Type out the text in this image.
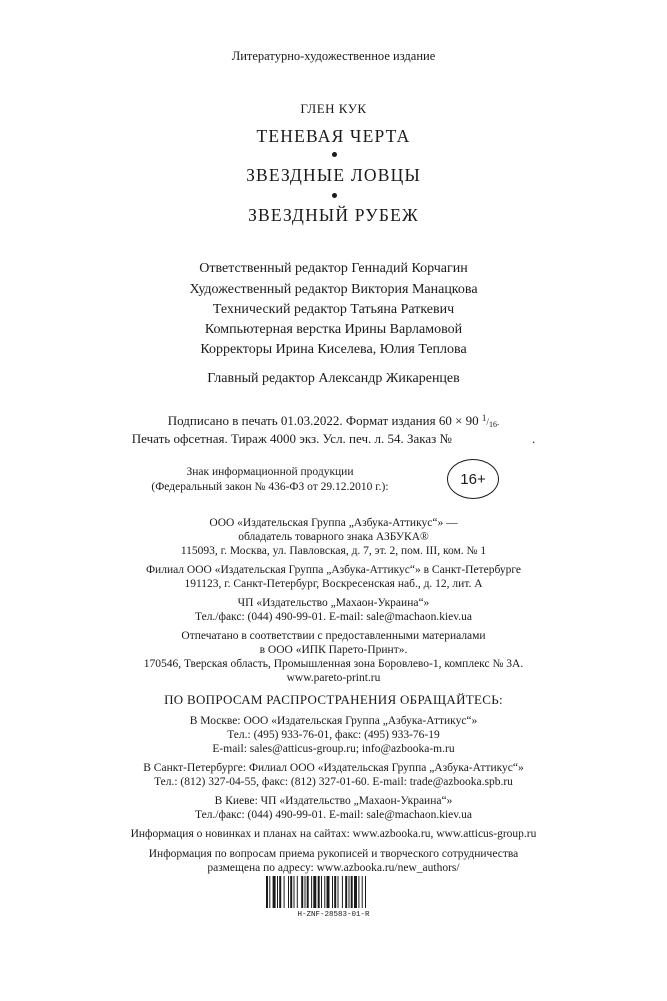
Литературно-художественное издание
ГЛЕН КУК
ТЕНЕВАЯ ЧЕРТА
ЗВЕЗДНЫЕ ЛОВЦЫ
ЗВЕЗДНЫЙ РУБЕЖ
Ответственный редактор Геннадий Корчагин
Художественный редактор Виктория Манацкова
Технический редактор Татьяна Раткевич
Компьютерная верстка Ирины Варламовой
Корректоры Ирина Киселева, Юлия Теплова
Главный редактор Александр Жикаренцев
Подписано в печать 01.03.2022. Формат издания 60 × 90 $^1/_{16}$.
Печать офсетная. Тираж 4000 экз. Усл. печ. л. 54. Заказ №	.
Знак информационной продукции
(Федеральный закон № 436-ФЗ от 29.12.2010 г.):	16+
ООО «Издательская Группа „Азбука-Аттикус“» —
обладатель товарного знака АЗБУКА®
115093, г. Москва, ул. Павловская, д. 7, эт. 2, пом. III, ком. № 1
Филиал ООО «Издательская Группа „Азбука-Аттикус“» в Санкт-Петербурге
191123, г. Санкт-Петербург, Воскресенская наб., д. 12, лит. А
ЧП «Издательство „Махаон-Украина“»
Тел./факс: (044) 490-99-01. E-mail: sale@machaon.kiev.ua
Отпечатано в соответствии с предоставленными материалами
в ООО «ИПК Парето-Принт».
170546, Тверская область, Промышленная зона Боровлево-1, комплекс № 3А.
www.pareto-print.ru
ПО ВОПРОСАМ РАСПРОСТРАНЕНИЯ ОБРАЩАЙТЕСЬ:
В Москве: ООО «Издательская Группа „Азбука-Аттикус“»
Тел.: (495) 933-76-01, факс: (495) 933-76-19
E-mail: sales@atticus-group.ru; info@azbooka-m.ru
В Санкт-Петербурге: Филиал ООО «Издательская Группа „Азбука-Аттикус“»
Тел.: (812) 327-04-55, факс: (812) 327-01-60. E-mail: trade@azbooka.spb.ru
В Киеве: ЧП «Издательство „Махаон-Украина“»
Тел./факс: (044) 490-99-01. E-mail: sale@machaon.kiev.ua
Информация о новинках и планах на сайтах: www.azbooka.ru, www.atticus-group.ru
Информация по вопросам приема рукописей и творческого сотрудничества
размещена по адресу: www.azbooka.ru/new_authors/
H-ZNF-28583-01-R
